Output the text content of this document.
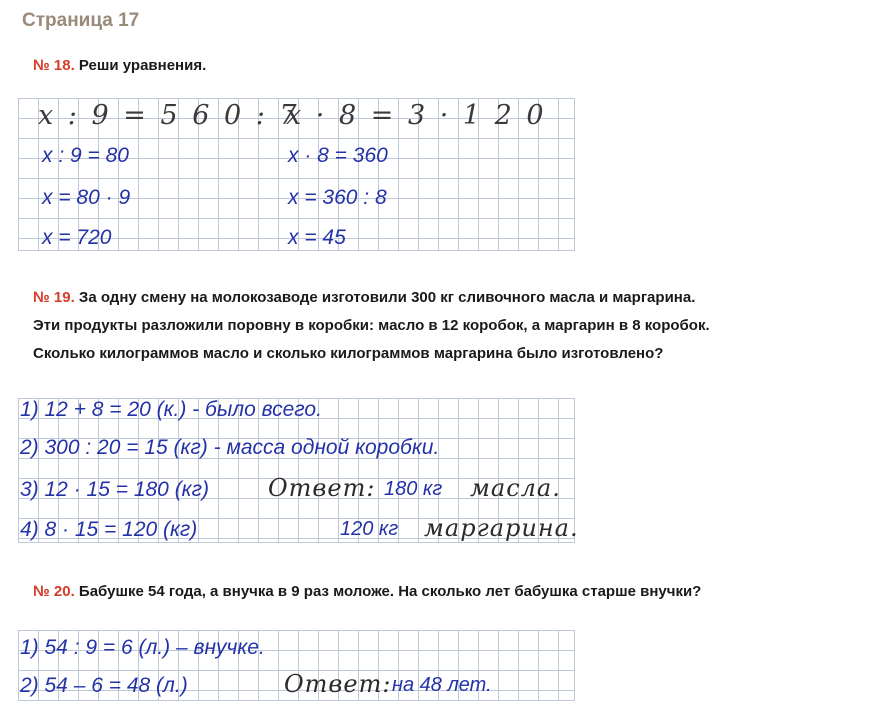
Страница 17
№ 18. Реши уравнения.
x : 9 = 5 6 0 : 7
x · 8 = 3 · 1 2 0
x : 9 = 80
x = 80 · 9
x = 720
x · 8 = 360
x = 360 : 8
x = 45
№ 19. За одну смену на молокозаводе изготовили 300 кг сливочного масла и маргарина.
Эти продукты разложили поровну в коробки: масло в 12 коробок, а маргарин в 8 коробок.
Сколько килограммов масло и сколько килограммов маргарина было изготовлено?
1) 12 + 8 = 20 (к.) - было всего.
2) 300 : 20 = 15 (кг) - масса одной коробки.
3) 12 · 15 = 180 (кг)
4) 8 · 15 = 120 (кг)
Ответ: 180 кг масла.
120 кг маргарина.
№ 20. Бабушке 54 года, а внучка в 9 раз моложе. На сколько лет бабушка старше внучки?
1) 54 : 9 = 6 (л.) – внучке.
2) 54 – 6 = 48 (л.)	Ответ: на 48 лет.
